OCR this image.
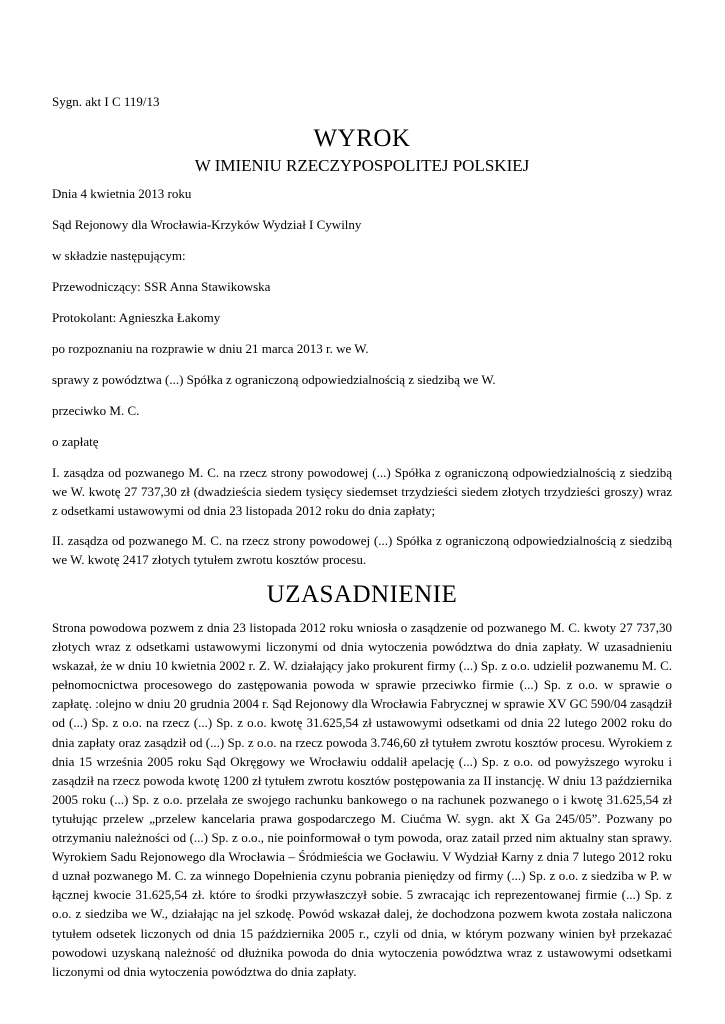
Sygn. akt I C 119/13

WYROK
W IMIENIU RZECZYPOSPOLITEJ POLSKIEJ

Dnia 4 kwietnia 2013 roku

Sąd Rejonowy dla Wrocławia-Krzyków Wydział I Cywilny

w składzie następującym:

Przewodniczący: SSR Anna Stawikowska

Protokolant: Agnieszka Łakomy

po rozpoznaniu na rozprawie w dniu 21 marca 2013 r. we W.

sprawy z powództwa (...) Spółka z ograniczoną odpowiedzialnością z siedzibą we W.

przeciwko M. C.

o zapłatę

I. zasądza od pozwanego M. C. na rzecz strony powodowej (...) Spółka z ograniczoną odpowiedzialnością z siedzibą we W. kwotę 27 737,30 zł (dwadzieścia siedem tysięcy siedemset trzydzieści siedem złotych trzydzieści groszy) wraz z odsetkami ustawowymi od dnia 23 listopada 2012 roku do dnia zapłaty;

II. zasądza od pozwanego M. C. na rzecz strony powodowej (...) Spółka z ograniczoną odpowiedzialnością z siedzibą we W. kwotę 2417 złotych tytułem zwrotu kosztów procesu.

UZASADNIENIE

Strona powodowa pozwem z dnia 23 listopada 2012 roku wniosła o zasądzenie od pozwanego M. C. kwoty 27 737,30 złotych wraz z odsetkami ustawowymi liczonymi od dnia wytoczenia powództwa do dnia zapłaty. W uzasadnieniu wskazał, że w dniu 10 kwietnia 2002 r. Z. W. działający jako prokurent firmy (...) Sp. z o.o. udzielił pozwanemu M. C. pełnomocnictwa procesowego do zastępowania powoda w sprawie przeciwko firmie (...) Sp. z o.o. w sprawie o zapłatę. :olejno w dniu 20 grudnia 2004 r. Sąd Rejonowy dla Wrocławia Fabrycznej w sprawie XV GC 590/04 zasądził od (...) Sp. z o.o. na rzecz (...) Sp. z o.o. kwotę 31.625,54 zł ustawowymi odsetkami od dnia 22 lutego 2002 roku do dnia zapłaty oraz zasądził od (...) Sp. z o.o. na rzecz powoda 3.746,60 zł tytułem zwrotu kosztów procesu. Wyrokiem z dnia 15 września 2005 roku Sąd Okręgowy we Wrocławiu oddalił apelację (...) Sp. z o.o. od powyższego wyroku i zasądził na rzecz powoda kwotę 1200 zł tytułem zwrotu kosztów postępowania za II instancję. W dniu 13 października 2005 roku (...) Sp. z o.o. przelała ze swojego rachunku bankowego o na rachunek pozwanego o i kwotę 31.625,54 zł tytułując przelew „przelew kancelaria prawa gospodarczego M. Ciućma W. sygn. akt X Ga 245/05”. Pozwany po otrzymaniu należności od (...) Sp. z o.o., nie poinformował o tym powoda, oraz zatail przed nim aktualny stan sprawy. Wyrokiem Sadu Rejonowego dla Wrocławia – Śródmieścia we Gocławiu. V Wydział Karny z dnia 7 lutego 2012 roku d uznał pozwanego M. C. za winnego Dopełnienia czynu pobrania pieniędzy od firmy (...) Sp. z o.o. z siedziba w P. w łącznej kwocie 31.625,54 zł. które to środki przywłaszczył sobie. 5 zwracając ich reprezentowanej firmie (...) Sp. z o.o. z siedziba we W., działając na jel szkodę. Powód wskazał dalej, że dochodzona pozwem kwota została naliczona tytułem odsetek liczonych od dnia 15 października 2005 r., czyli od dnia, w którym pozwany winien był przekazać powodowi uzyskaną należność od dłużnika powoda do dnia wytoczenia powództwa wraz z ustawowymi odsetkami liczonymi od dnia wytoczenia powództwa do dnia zapłaty.
